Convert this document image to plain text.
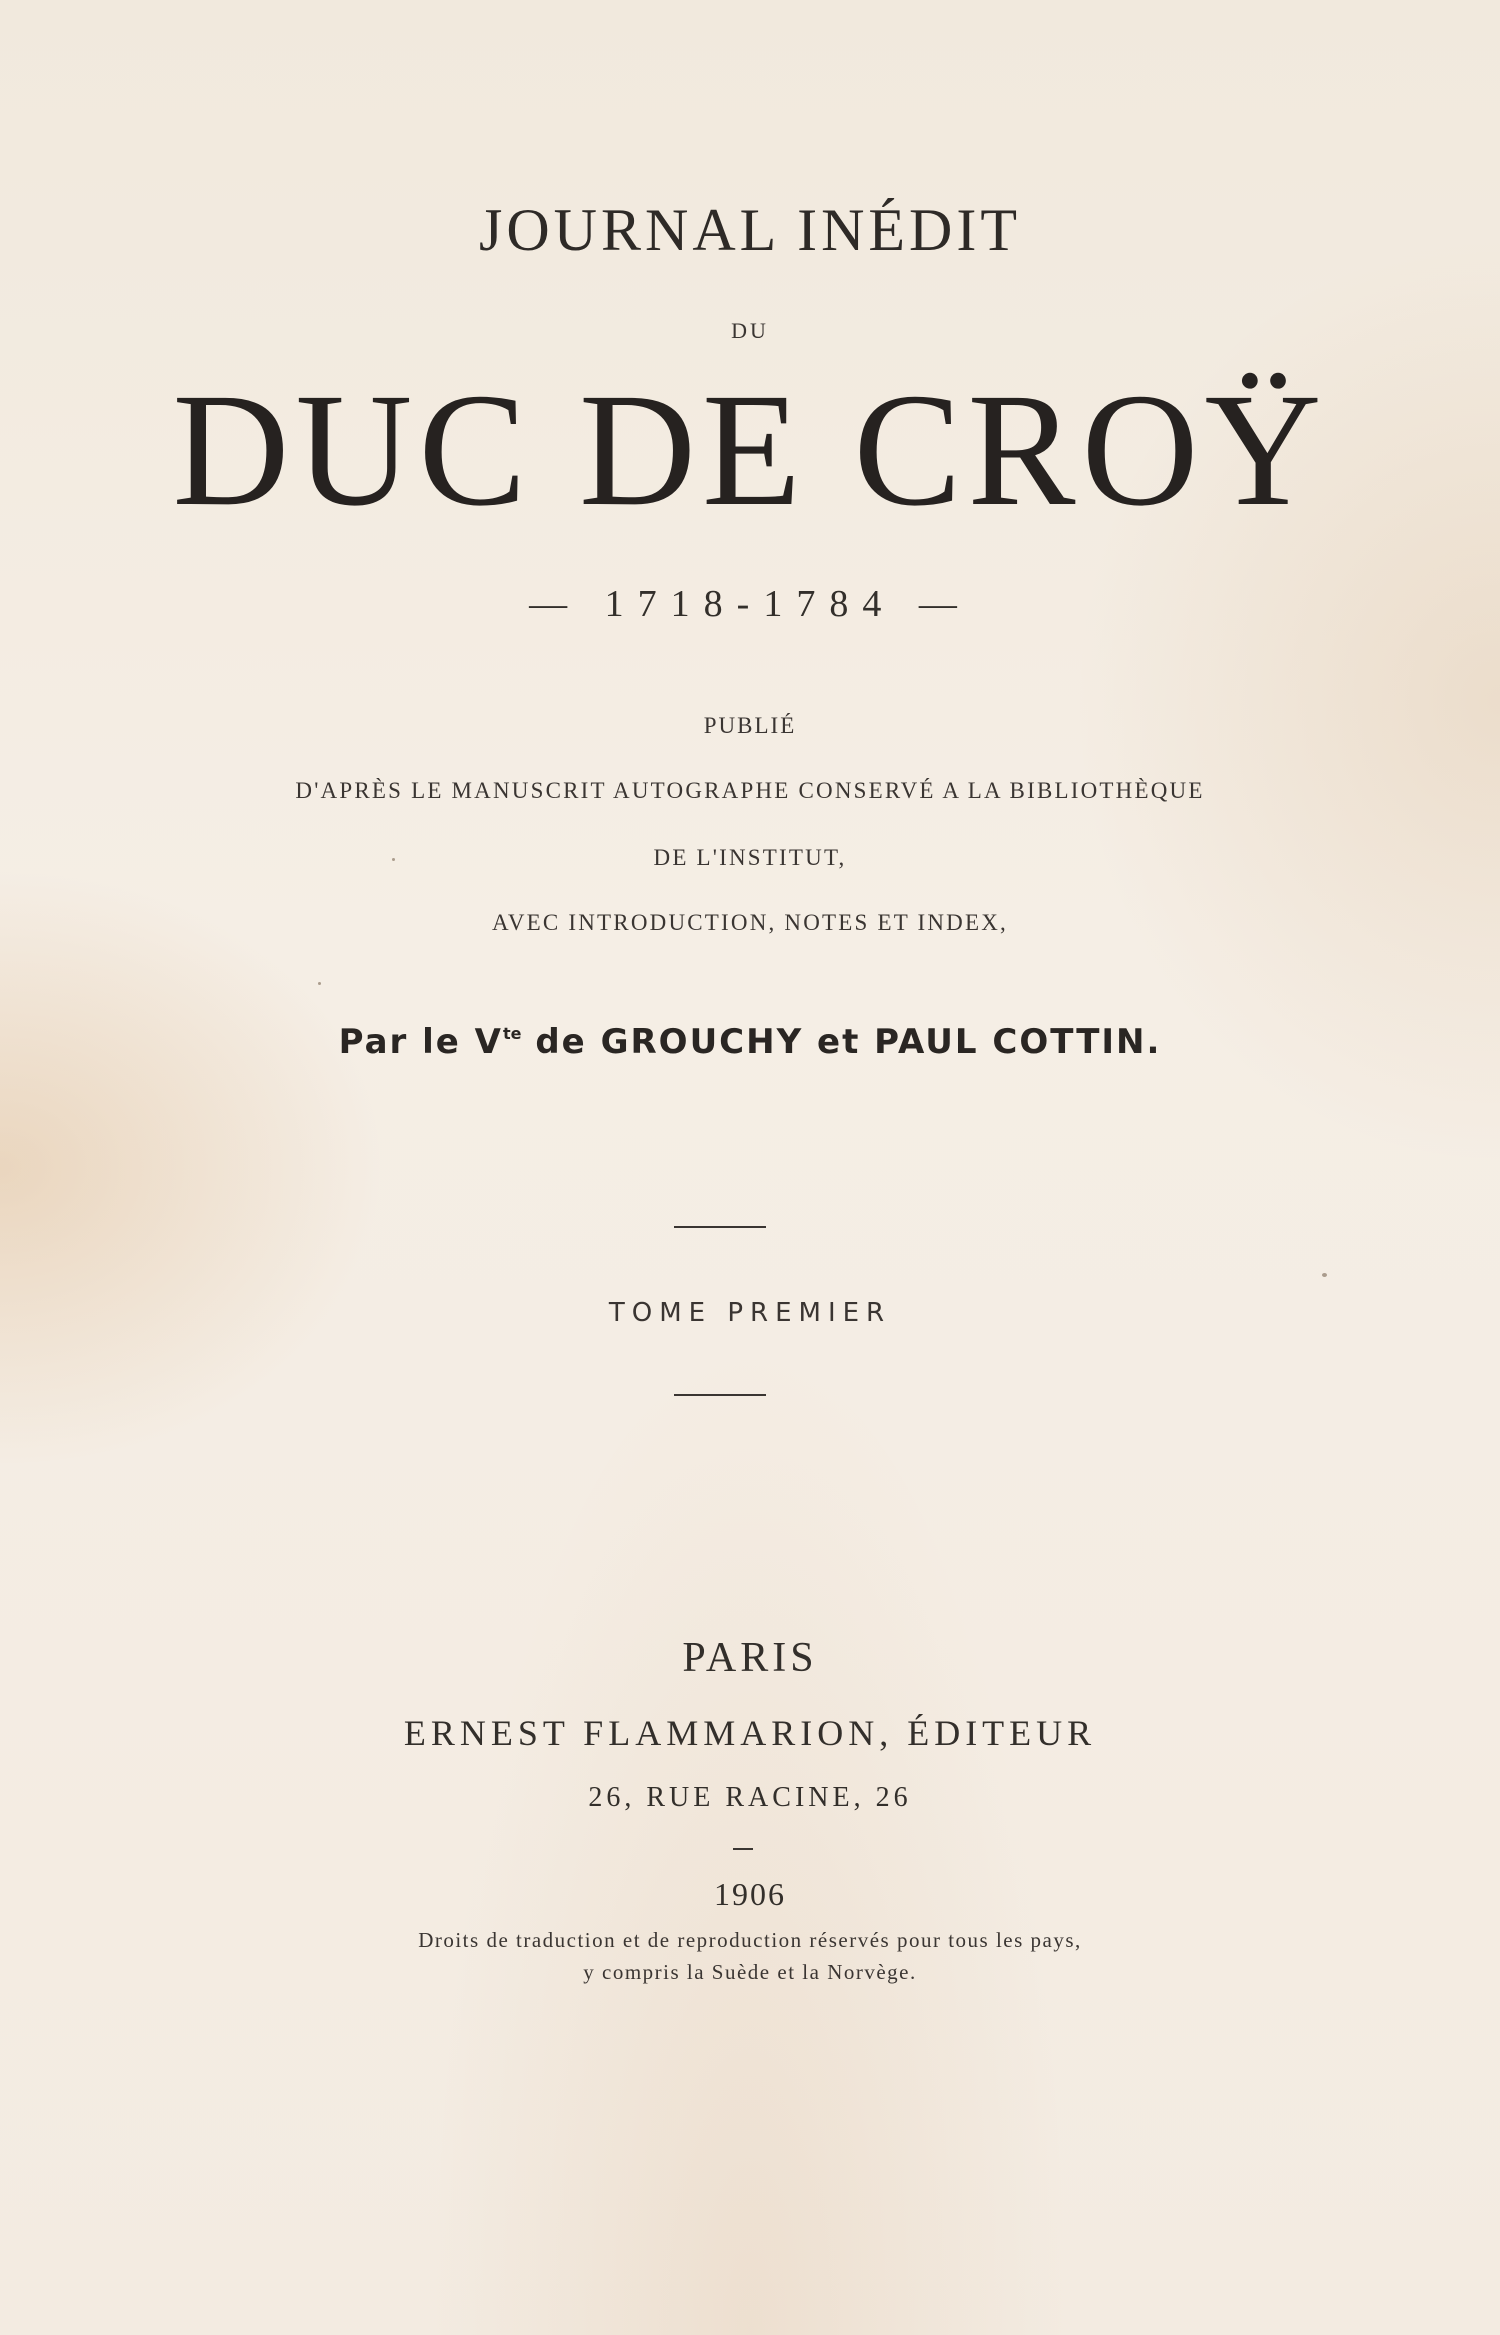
JOURNAL INÉDIT
DU
DUC DE CROŸ
— 1718-1784 —
PUBLIÉ
D'APRÈS LE MANUSCRIT AUTOGRAPHE CONSERVÉ A LA BIBLIOTHÈQUE
DE L'INSTITUT,
AVEC INTRODUCTION, NOTES ET INDEX,
Par le $V^{te}$ de GROUCHY et PAUL COTTIN.
TOME PREMIER
PARIS
ERNEST FLAMMARION, ÉDITEUR
26, RUE RACINE, 26
1906
Droits de traduction et de reproduction réservés pour tous les pays,
y compris la Suède et la Norvège.
